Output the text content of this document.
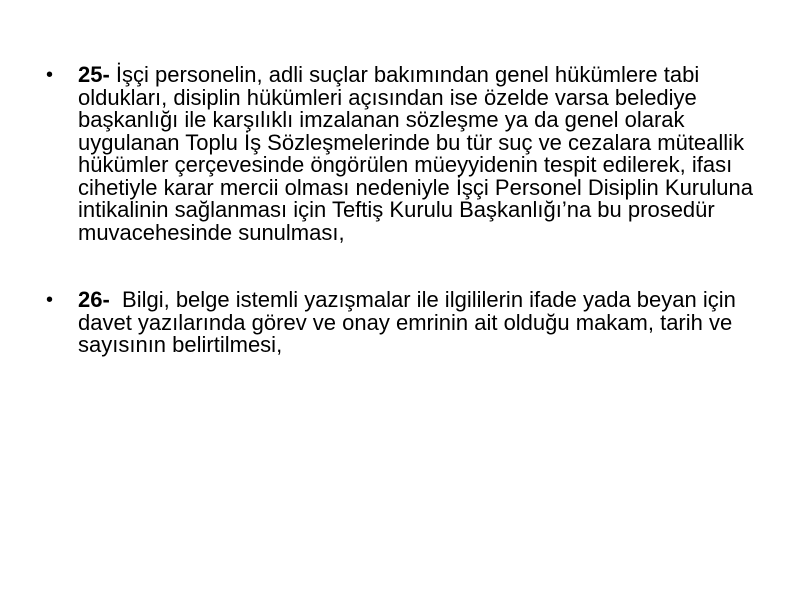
• 25- İşçi personelin, adli suçlar bakımından genel hükümlere tabi oldukları, disiplin hükümleri açısından ise özelde varsa belediye başkanlığı ile karşılıklı imzalanan sözleşme ya da genel olarak uygulanan Toplu İş Sözleşmelerinde bu tür suç ve cezalara müteallik hükümler çerçevesinde öngörülen müeyyidenin tespit edilerek, ifası cihetiyle karar mercii olması nedeniyle İşçi Personel Disiplin Kuruluna intikalinin sağlanması için Teftiş Kurulu Başkanlığı’na bu prosedür muvacehesinde sunulması,
• 26-  Bilgi, belge istemli yazışmalar ile ilgililerin ifade yada beyan için davet yazılarında görev ve onay emrinin ait olduğu makam, tarih ve sayısının belirtilmesi,
